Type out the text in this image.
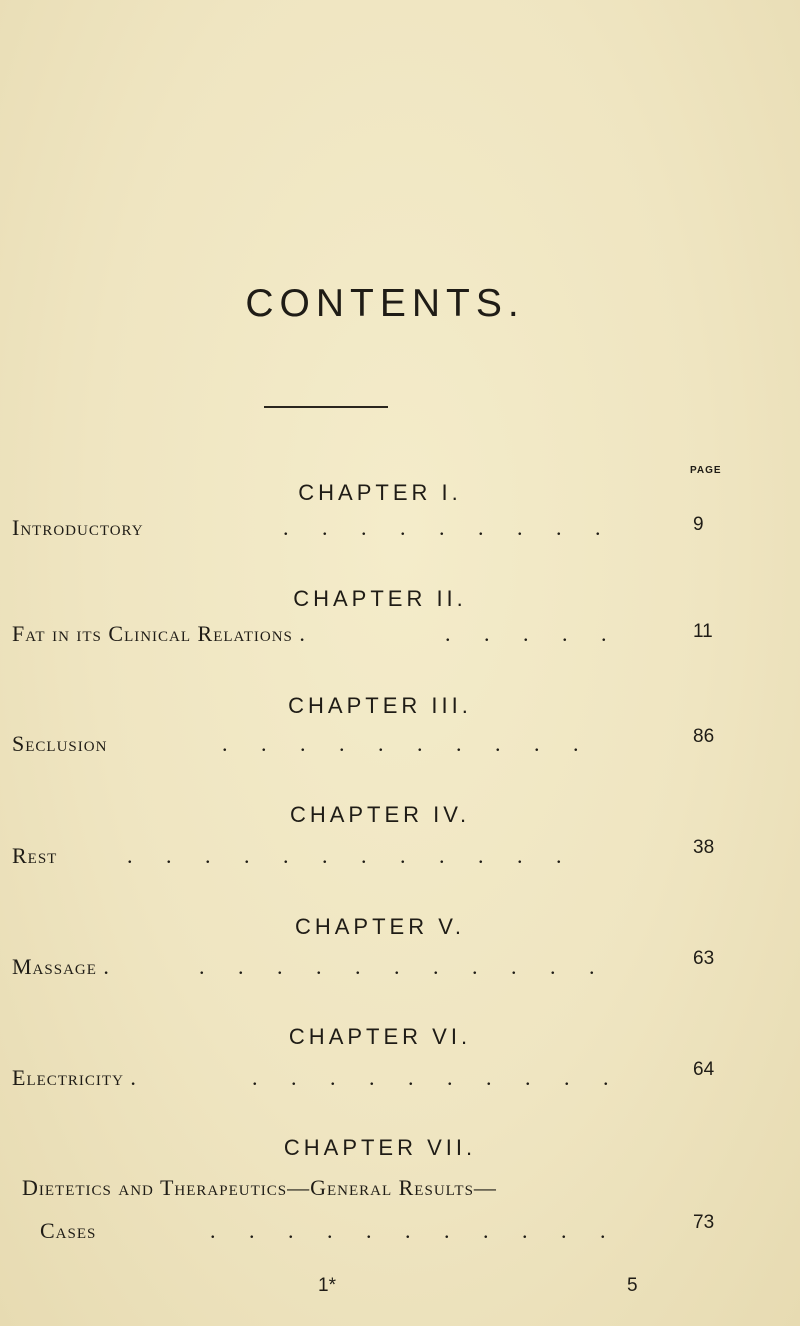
CONTENTS.
PAGE
CHAPTER I.
Introductory	. . . . . . . . .	9
CHAPTER II.
Fat in its Clinical Relations .	. . . . .	11
CHAPTER III.
Seclusion	. . . . . . . . . .	86
CHAPTER IV.
Rest	. . . . . . . . . . . .	38
CHAPTER V.
Massage .	. . . . . . . . . . .	63
CHAPTER VI.
Electricity .	. . . . . . . . . .	64
CHAPTER VII.
Dietetics and Therapeutics—General Results—
Cases	. . . . . . . . . . .	73
1*	5
